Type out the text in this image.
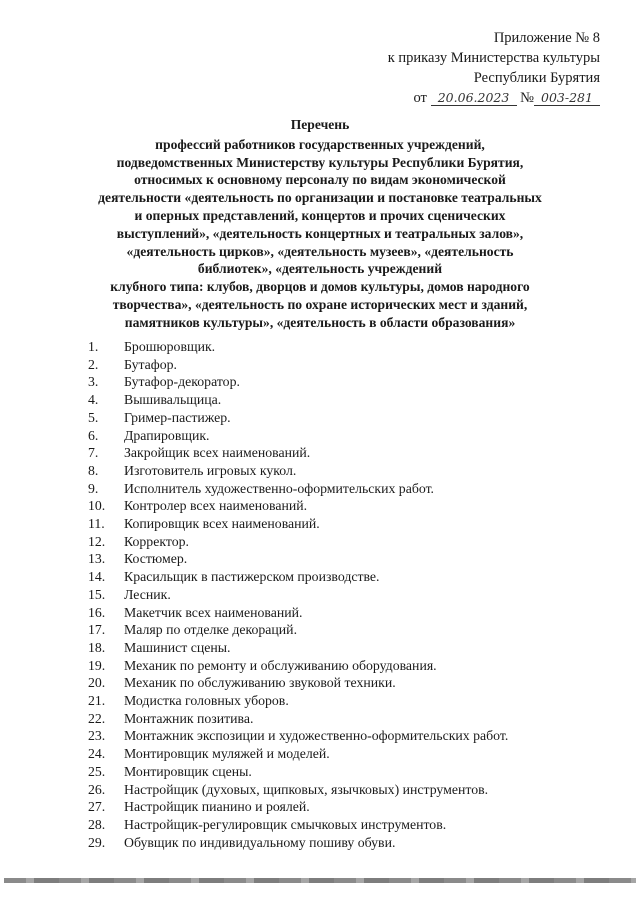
Приложение № 8
к приказу Министерства культуры
Республики Бурятия
от 20.06.2023 № 003-281
Перечень
профессий работников государственных учреждений,
подведомственных Министерству культуры Республики Бурятия,
относимых к основному персоналу по видам экономической
деятельности «деятельность по организации и постановке театральных
и оперных представлений, концертов и прочих сценических
выступлений», «деятельность концертных и театральных залов»,
«деятельность цирков», «деятельность музеев», «деятельность
библиотек», «деятельность учреждений
клубного типа: клубов, дворцов и домов культуры, домов народного
творчества», «деятельность по охране исторических мест и зданий,
памятников культуры», «деятельность в области образования»
1.	Брошюровщик.
2.	Бутафор.
3.	Бутафор-декоратор.
4.	Вышивальщица.
5.	Гример-пастижер.
6.	Драпировщик.
7.	Закройщик всех наименований.
8.	Изготовитель игровых кукол.
9.	Исполнитель художественно-оформительских работ.
10.	Контролер всех наименований.
11.	Копировщик всех наименований.
12.	Корректор.
13.	Костюмер.
14.	Красильщик в пастижерском производстве.
15.	Лесник.
16.	Макетчик всех наименований.
17.	Маляр по отделке декораций.
18.	Машинист сцены.
19.	Механик по ремонту и обслуживанию оборудования.
20.	Механик по обслуживанию звуковой техники.
21.	Модистка головных уборов.
22.	Монтажник позитива.
23.	Монтажник экспозиции и художественно-оформительских работ.
24.	Монтировщик муляжей и моделей.
25.	Монтировщик сцены.
26.	Настройщик (духовых, щипковых, язычковых) инструментов.
27.	Настройщик пианино и роялей.
28.	Настройщик-регулировщик смычковых инструментов.
29.	Обувщик по индивидуальному пошиву обуви.
